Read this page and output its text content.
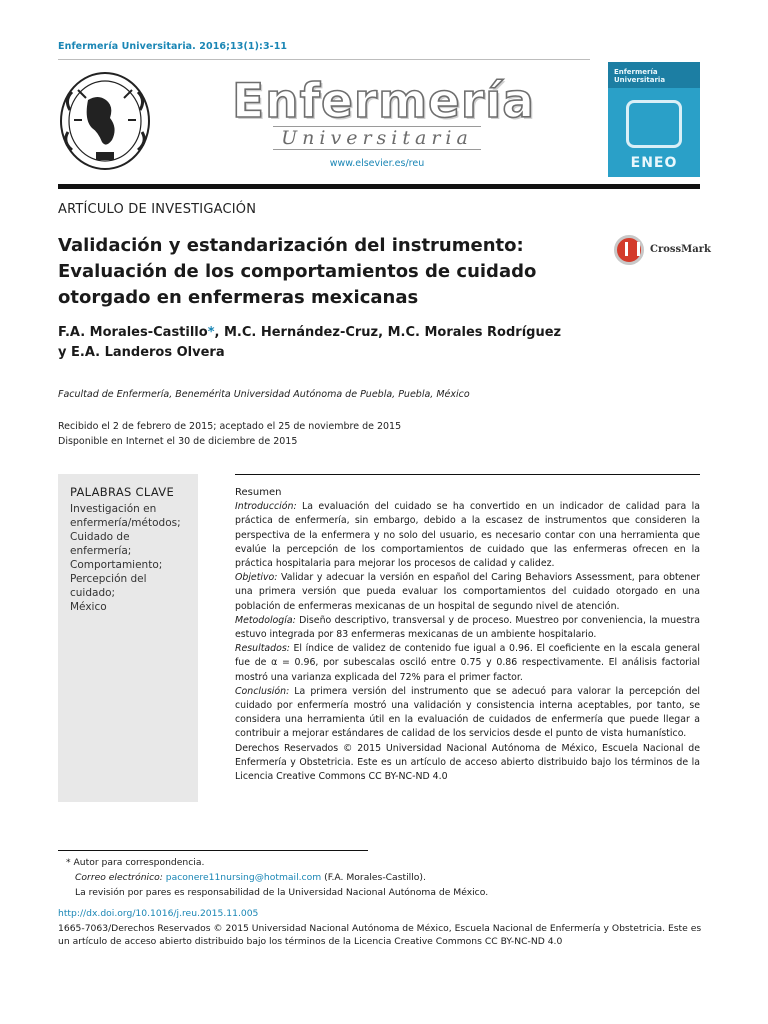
Enfermería Universitaria. 2016;13(1):3-11
Enfermería
Universitaria
www.elsevier.es/reu
Enfermería Universitaria
ENEO
ARTÍCULO DE INVESTIGACIÓN
Validación y estandarización del instrumento: Evaluación de los comportamientos de cuidado otorgado en enfermeras mexicanas
CrossMark
F.A. Morales-Castillo*, M.C. Hernández-Cruz, M.C. Morales Rodríguez
y E.A. Landeros Olvera
Facultad de Enfermería, Benemérita Universidad Autónoma de Puebla, Puebla, México
Recibido el 2 de febrero de 2015; aceptado el 25 de noviembre de 2015
Disponible en Internet el 30 de diciembre de 2015
PALABRAS CLAVE
Investigación en
enfermería/métodos;
Cuidado de
enfermería;
Comportamiento;
Percepción del
cuidado;
México
Resumen

Introducción: La evaluación del cuidado se ha convertido en un indicador de calidad para la práctica de enfermería, sin embargo, debido a la escasez de instrumentos que consideren la perspectiva de la enfermera y no solo del usuario, es necesario contar con una herramienta que evalúe la percepción de los comportamientos de cuidado que las enfermeras ofrecen en la práctica hospitalaria para mejorar los procesos de calidad y calidez.

Objetivo: Validar y adecuar la versión en español del Caring Behaviors Assessment, para obtener una primera versión que pueda evaluar los comportamientos del cuidado otorgado en una población de enfermeras mexicanas de un hospital de segundo nivel de atención.

Metodología: Diseño descriptivo, transversal y de proceso. Muestreo por conveniencia, la muestra estuvo integrada por 83 enfermeras mexicanas de un ambiente hospitalario.

Resultados: El índice de validez de contenido fue igual a 0.96. El coeficiente en la escala general fue de α = 0.96, por subescalas osciló entre 0.75 y 0.86 respectivamente. El análisis factorial mostró una varianza explicada del 72% para el primer factor.

Conclusión: La primera versión del instrumento que se adecuó para valorar la percepción del cuidado por enfermería mostró una validación y consistencia interna aceptables, por tanto, se considera una herramienta útil en la evaluación de cuidados de enfermería que puede llegar a contribuir a mejorar estándares de calidad de los servicios desde el punto de vista humanístico.

Derechos Reservados © 2015 Universidad Nacional Autónoma de México, Escuela Nacional de Enfermería y Obstetricia. Este es un artículo de acceso abierto distribuido bajo los términos de la Licencia Creative Commons CC BY-NC-ND 4.0

* Autor para correspondencia.
Correo electrónico: paconere11nursing@hotmail.com (F.A. Morales-Castillo).
La revisión por pares es responsabilidad de la Universidad Nacional Autónoma de México.
http://dx.doi.org/10.1016/j.reu.2015.11.005
1665-7063/Derechos Reservados © 2015 Universidad Nacional Autónoma de México, Escuela Nacional de Enfermería y Obstetricia. Este es un artículo de acceso abierto distribuido bajo los términos de la Licencia Creative Commons CC BY-NC-ND 4.0
